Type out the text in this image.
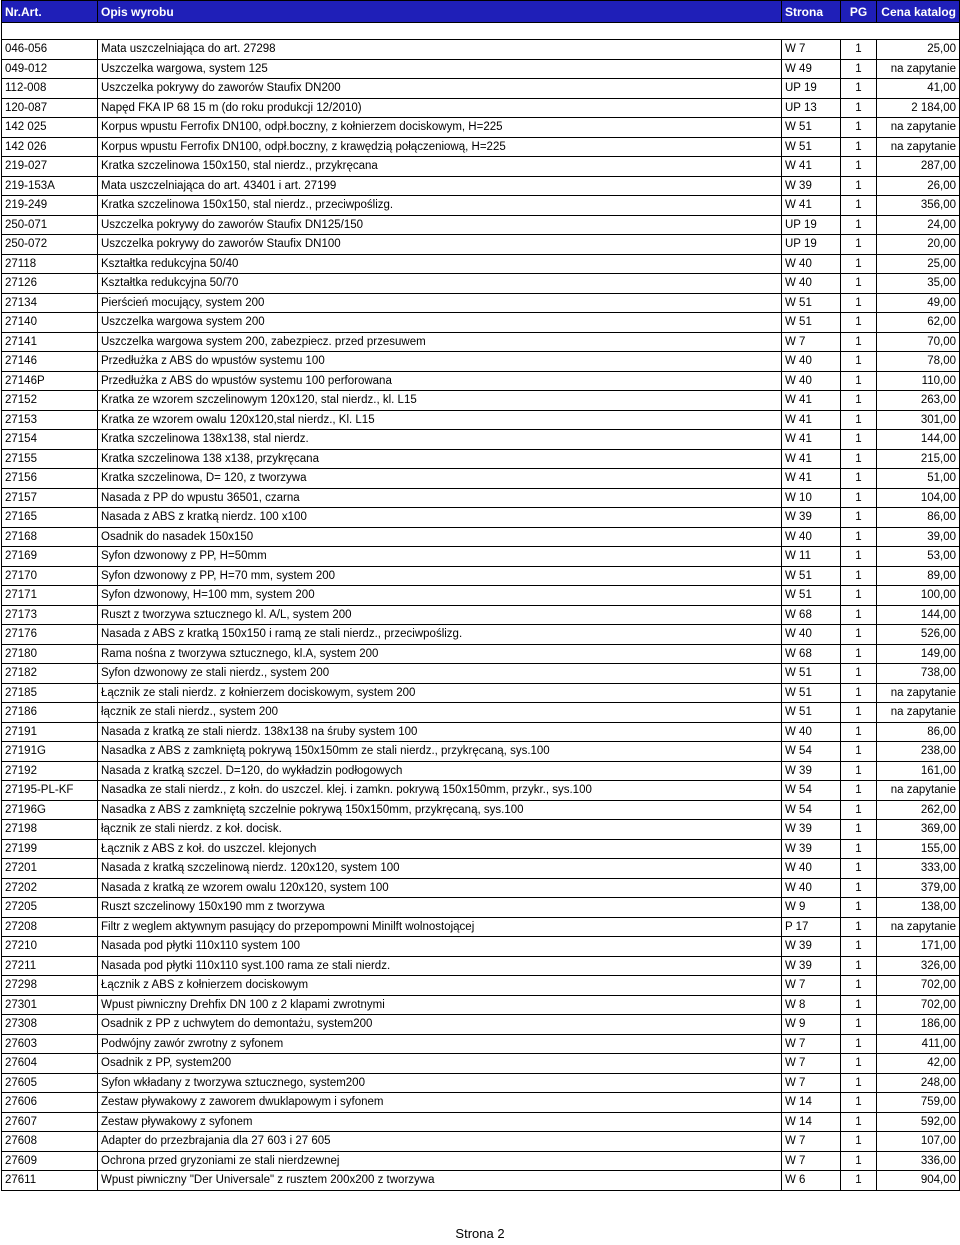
Nr.Art.	Opis wyrobu	Strona	PG	Cena katalog

046-056	Mata uszczelniająca do art. 27298	W 7	1	25,00
049-012	Uszczelka wargowa, system 125	W 49	1	na zapytanie
112-008	Uszczelka pokrywy do zaworów Staufix DN200	UP 19	1	41,00
120-087	Napęd FKA IP 68 15 m (do roku produkcji 12/2010)	UP 13	1	2 184,00
142 025	Korpus wpustu Ferrofix DN100, odpł.boczny, z kołnierzem dociskowym, H=225	W 51	1	na zapytanie
142 026	Korpus wpustu Ferrofix DN100, odpł.boczny, z krawędzią połączeniową, H=225	W 51	1	na zapytanie
219-027	Kratka szczelinowa 150x150, stal nierdz., przykręcana	W 41	1	287,00
219-153A	Mata uszczelniająca do art. 43401 i art. 27199	W 39	1	26,00
219-249	Kratka szczelinowa 150x150, stal nierdz., przeciwpoślizg.	W 41	1	356,00
250-071	Uszczelka pokrywy do zaworów Staufix DN125/150	UP 19	1	24,00
250-072	Uszczelka pokrywy do zaworów Staufix DN100	UP 19	1	20,00
27118	Kształtka redukcyjna 50/40	W 40	1	25,00
27126	Kształtka redukcyjna 50/70	W 40	1	35,00
27134	Pierścień mocujący, system 200	W 51	1	49,00
27140	Uszczelka wargowa system 200	W 51	1	62,00
27141	Uszczelka wargowa system 200, zabezpiecz. przed przesuwem	W 7	1	70,00
27146	Przedłużka z ABS do wpustów systemu 100	W 40	1	78,00
27146P	Przedłużka z ABS do wpustów systemu 100 perforowana	W 40	1	110,00
27152	Kratka ze wzorem szczelinowym 120x120, stal nierdz., kl. L15	W 41	1	263,00
27153	Kratka ze wzorem owalu 120x120,stal nierdz., Kl. L15	W 41	1	301,00
27154	Kratka szczelinowa 138x138, stal nierdz.	W 41	1	144,00
27155	Kratka szczelinowa 138 x138, przykręcana	W 41	1	215,00
27156	Kratka szczelinowa, D= 120, z tworzywa	W 41	1	51,00
27157	Nasada z PP do wpustu 36501, czarna	W 10	1	104,00
27165	Nasada z ABS z kratką nierdz. 100 x100	W 39	1	86,00
27168	Osadnik do nasadek 150x150	W 40	1	39,00
27169	Syfon dzwonowy z PP, H=50mm	W 11	1	53,00
27170	Syfon dzwonowy z PP, H=70 mm, system 200	W 51	1	89,00
27171	Syfon dzwonowy, H=100 mm, system 200	W 51	1	100,00
27173	Ruszt z tworzywa sztucznego kl. A/L, system 200	W 68	1	144,00
27176	Nasada z ABS z kratką 150x150 i ramą ze stali nierdz., przeciwpoślizg.	W 40	1	526,00
27180	Rama nośna z tworzywa sztucznego, kl.A, system 200	W 68	1	149,00
27182	Syfon dzwonowy ze stali nierdz., system 200	W 51	1	738,00
27185	Łącznik ze stali nierdz. z kołnierzem dociskowym, system 200	W 51	1	na zapytanie
27186	łącznik ze stali nierdz., system 200	W 51	1	na zapytanie
27191	Nasada z kratką ze stali nierdz. 138x138 na śruby system 100	W 40	1	86,00
27191G	Nasadka z ABS z zamkniętą pokrywą 150x150mm ze stali nierdz., przykręcaną, sys.100	W 54	1	238,00
27192	Nasada z kratką szczel. D=120, do wykładzin podłogowych	W 39	1	161,00
27195-PL-KF	Nasadka ze stali nierdz., z kołn. do uszczel. klej. i zamkn. pokrywą 150x150mm, przykr., sys.100	W 54	1	na zapytanie
27196G	Nasadka z ABS z zamkniętą szczelnie pokrywą 150x150mm, przykręcaną, sys.100	W 54	1	262,00
27198	łącznik ze stali nierdz. z koł. docisk.	W 39	1	369,00
27199	Łącznik z ABS z koł. do uszczel. klejonych	W 39	1	155,00
27201	Nasada z kratką szczelinową nierdz. 120x120, system 100	W 40	1	333,00
27202	Nasada z kratką ze wzorem owalu 120x120, system 100	W 40	1	379,00
27205	Ruszt szczelinowy 150x190 mm z tworzywa	W 9	1	138,00
27208	Filtr z weglem aktywnym pasujący do przepompowni Minilft wolnostojącej	P 17	1	na zapytanie
27210	Nasada pod płytki 110x110 system 100	W 39	1	171,00
27211	Nasada pod płytki 110x110 syst.100 rama ze stali nierdz.	W 39	1	326,00
27298	Łącznik z ABS z kołnierzem dociskowym	W 7	1	702,00
27301	Wpust piwniczny Drehfix DN 100 z 2 klapami zwrotnymi	W 8	1	702,00
27308	Osadnik z PP z uchwytem do demontażu, system200	W 9	1	186,00
27603	Podwójny zawór zwrotny z syfonem	W 7	1	411,00
27604	Osadnik z PP, system200	W 7	1	42,00
27605	Syfon wkładany z tworzywa sztucznego, system200	W 7	1	248,00
27606	Zestaw pływakowy z zaworem dwuklapowym i syfonem	W 14	1	759,00
27607	Zestaw pływakowy z syfonem	W 14	1	592,00
27608	Adapter do przezbrajania dla 27 603 i 27 605	W 7	1	107,00
27609	Ochrona przed gryzoniami ze stali nierdzewnej	W 7	1	336,00
27611	Wpust piwniczny "Der Universale" z rusztem 200x200 z tworzywa	W 6	1	904,00
Strona 2
